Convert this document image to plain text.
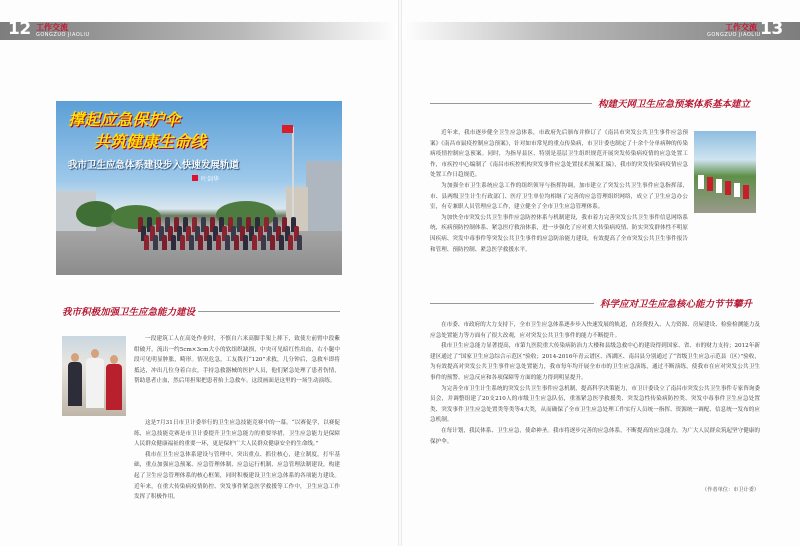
12 工作交流
GONGZUO JIAOLIU	13
工作交流
GONGZUO JIAOLIU
撑起应急保护伞
共筑健康生命线
我市卫生应急体系建设步入快速发展轨道
叶剑华
我市积极加强卫生应急能力建设

一段建筑工人在高处作业时，不慎自六米高脚手架上摔下，致使左前臂中段紫绀破开，流出一约5cm×3cm大小的软组织缺损，中央可见暗红性出血，右小腿中段可见明显肿胀，畸形。情况危急，工友拨打“120”求救，几分钟后，急救车即将抵达，冲出几位身着白衣，手持急救器械的医护人员，他们紧急处理了患者伤情，帮助患者止血，然后用担架把患者抬上急救车。这段画面是这里的一场生动演练。

这是7月31日市卫计委举行的卫生应急技能竞赛中的一幕。“以赛促学，以赛促练，应急技能竞赛是市卫计委提升卫生应急能力的重要举措，卫生应急能力是保障人民群众健康福祉的重要一环，更是保护广大人民群众健康安全的生命线。”

我市在卫生应急体系建设与管理中，突出重点、抓住核心，建立制度，打牢基础，重点加强应急预案、应急管理体制、应急运行机制、应急管理法制建设，构建起了卫生应急管理体系的核心框架，同时积极建设卫生应急体系的各项能力建设。近年来，在重大传染病疫情防控、突发事件紧急医学救援等工作中，卫生应急工作发挥了积极作用。

构建天网卫生应急预案体系基本建立

近年来，我市逐步健全卫生应急体系，市政府先后颁布并修订了《南昌市突发公共卫生事件应急预案》《南昌市鼠疫控制应急预案》，针对如市常见的重点传染病，市卫计委也制定了十余个分单病种的传染病疫情控制应急预案。同时，为指导县区、特别是基层卫生组织规范开展突发传染病疫情的应急处置工作，市疾控中心编制了《南昌市疾控机构突发事件应急处置技术预案汇编》，我市的突发传染病疫情应急处置工作日趋规范。

为加强全市卫生系统应急工作的组织领导与指挥协调，加市建立了突发公共卫生事件应急指挥部，市、县两级卫生计生行政部门、医疗卫生单位均相继了完善的应急管理组织网络，成立了卫生应急办公室，有专兼职人员管理应急工作，建立健全了全市卫生应急管理体系。

为加快全市突发公共卫生事件应急防控体系与机制建设，我市着力完善突发公共卫生事件信息网络系统，疾病预防控制体系、紧急医疗救治体系，进一步强化了应对重大传染病疫情、防实突发群体性不明原因疾病、突发中毒事件等突发公共卫生事件的应急防治能力建设，有效提高了全市突发公共卫生事件报告和管理、预防控制、紧急医学救援水平。

科学应对卫生应急核心能力节节攀升

在市委、市政府的大力支持下，全市卫生应急体系逐步步入快速发展的轨道，在经费投入、人力资源、房屋建设、检验检测能力及应急处置能力等方面有了很大改观，应对突发公共卫生事件的能力不断提升。

我市卫生应急能力显著提高，市第九医院重大传染病防治力大楼和县级急救中心的建设得到国家、省、市的财力支持；2012年新建区通过了“国家卫生应急综合示范区”验收；2014-2016年青云谱区、西湖区、南昌县分别通过了“省级卫生应急示范县（区）”验收，为有效提高对突发公共卫生事件应急处置能力，我市每年均开展全市市的卫生应急演练，通过不断演练，使我市在应对突发公共卫生事件的预警、应急反应和各项保障等方面的能力得到明显提升。

为完善全市卫生计生系统的突发公共卫生事件应急机制，提高科学决策能力，市卫计委设立了南昌市突发公共卫生事件专家咨询委员会，并调整组建了20支210人的市级卫生应急队伍，重塞紧急医学救援类、突发急性传染病防控类、突发中毒事件卫生应急处置类、突发事件卫生应急处置类等类等4大类，从而确保了全市卫生应急处理工作实行人员统一指挥、资源统一调配、信息统一发布的应急机制。

在每计划，我民体系、卫生应急，使命神圣。我市将逐步完善的应急体系，不断提高的应急能力，为广大人民群众筑起坚守健康的保护伞。

（作者单位：市卫计委）
